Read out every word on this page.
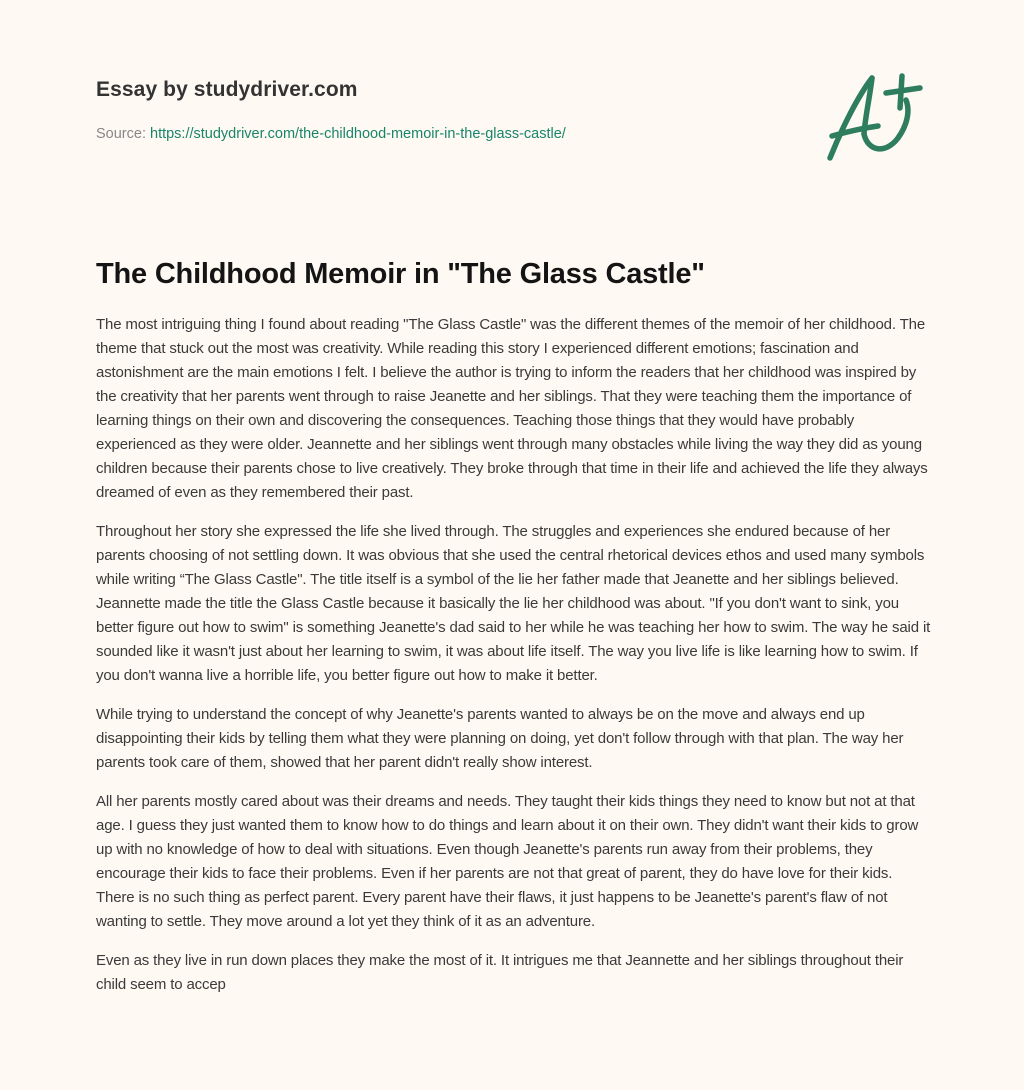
Essay by studydriver.com
Source: https://studydriver.com/the-childhood-memoir-in-the-glass-castle/
The Childhood Memoir in "The Glass Castle"

The most intriguing thing I found about reading "The Glass Castle" was the different themes of the memoir of her childhood. The theme that stuck out the most was creativity. While reading this story I experienced different emotions; fascination and astonishment are the main emotions I felt. I believe the author is trying to inform the readers that her childhood was inspired by the creativity that her parents went through to raise Jeanette and her siblings. That they were teaching them the importance of learning things on their own and discovering the consequences. Teaching those things that they would have probably experienced as they were older. Jeannette and her siblings went through many obstacles while living the way they did as young children because their parents chose to live creatively. They broke through that time in their life and achieved the life they always dreamed of even as they remembered their past.

Throughout her story she expressed the life she lived through. The struggles and experiences she endured because of her parents choosing of not settling down. It was obvious that she used the central rhetorical devices ethos and used many symbols while writing “The Glass Castle". The title itself is a symbol of the lie her father made that Jeanette and her siblings believed. Jeannette made the title the Glass Castle because it basically the lie her childhood was about. "If you don't want to sink, you better figure out how to swim" is something Jeanette's dad said to her while he was teaching her how to swim. The way he said it sounded like it wasn't just about her learning to swim, it was about life itself. The way you live life is like learning how to swim. If you don't wanna live a horrible life, you better figure out how to make it better.

While trying to understand the concept of why Jeanette's parents wanted to always be on the move and always end up disappointing their kids by telling them what they were planning on doing, yet don't follow through with that plan. The way her parents took care of them, showed that her parent didn't really show interest.

All her parents mostly cared about was their dreams and needs. They taught their kids things they need to know but not at that age. I guess they just wanted them to know how to do things and learn about it on their own. They didn't want their kids to grow up with no knowledge of how to deal with situations. Even though Jeanette's parents run away from their problems, they encourage their kids to face their problems. Even if her parents are not that great of parent, they do have love for their kids. There is no such thing as perfect parent. Every parent have their flaws, it just happens to be Jeanette's parent's flaw of not wanting to settle. They move around a lot yet they think of it as an adventure.

Even as they live in run down places they make the most of it. It intrigues me that Jeannette and her siblings throughout their child seem to accep
